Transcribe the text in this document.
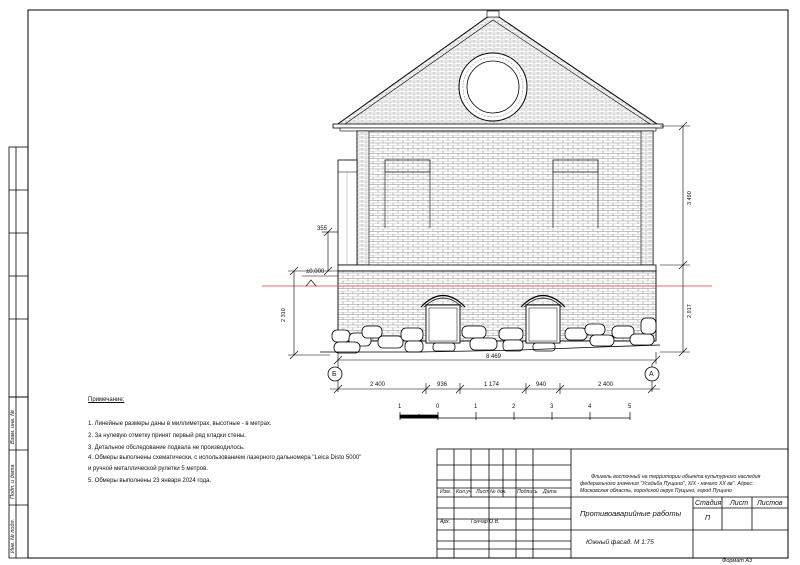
Взам. инв. №
Подп. и дата
Инв. № подл.
2 310
355
3 490
2 917
±0,000
8 469
Б	А
2 400	936	1 174	940	2 400
1	0	1	2	3	4	5
Примечание:
1. Линейные размеры даны в миллиметрах, высотные - в метрах.
2. За нулевую отметку принят первый ряд кладки стены.
3. Детальное обследование подвала не производилось.
4. Обмеры выполнены схематически, с использованием лазерного дальномера "Leica Disto 5000"
и ручной металлической рулетки 5 метров.
5. Обмеры выполнены 23 января 2024 года.
Флигель восточный на территории объекта культурного наследия
федерального значения "Усадьба Пущино", XIX - начало XX вв". Адрес:
Московская область, городской округ Пущино, город Пущино
Изм. Кол.уч Лист № док. Подпись Дата
Арх.	Гончар О.В.
Противоаварийные работы
Стадия Лист Листов
П
Южный фасад. М 1:75
Формат А3
